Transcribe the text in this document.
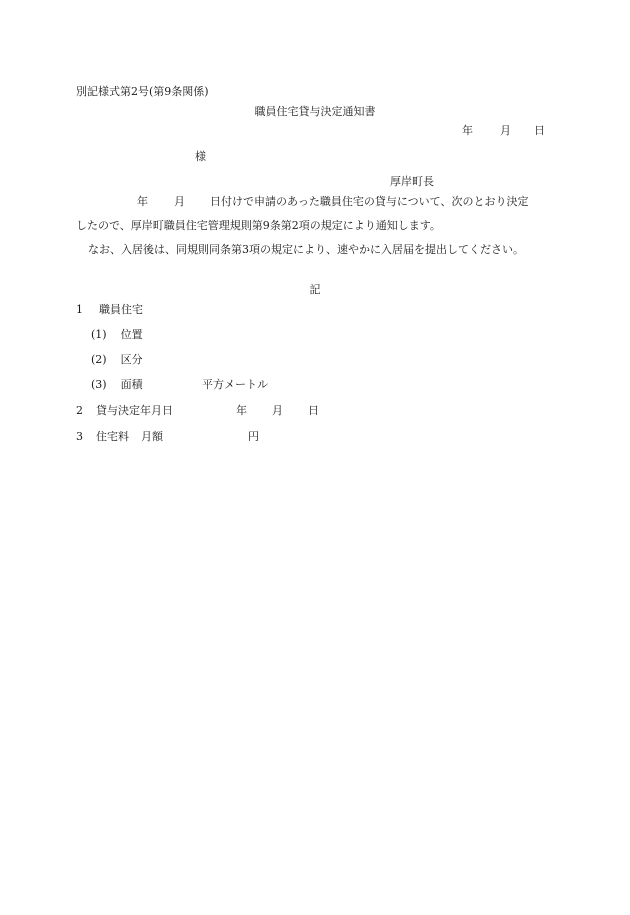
別記様式第2号(第9条関係)
職員住宅貸与決定通知書
年 月 日
様
厚岸町長
年 月 日付けで申請のあった職員住宅の貸与について、次のとおり決定
したので、厚岸町職員住宅管理規則第9条第2項の規定により通知します。
なお、入居後は、同規則同条第3項の規定により、速やかに入居届を提出してください。
記
1 職員住宅
(1) 位置
(2) 区分
(3) 面積	平方メートル
2 貸与決定年月日	年 月 日
3 住宅料 月額	円
